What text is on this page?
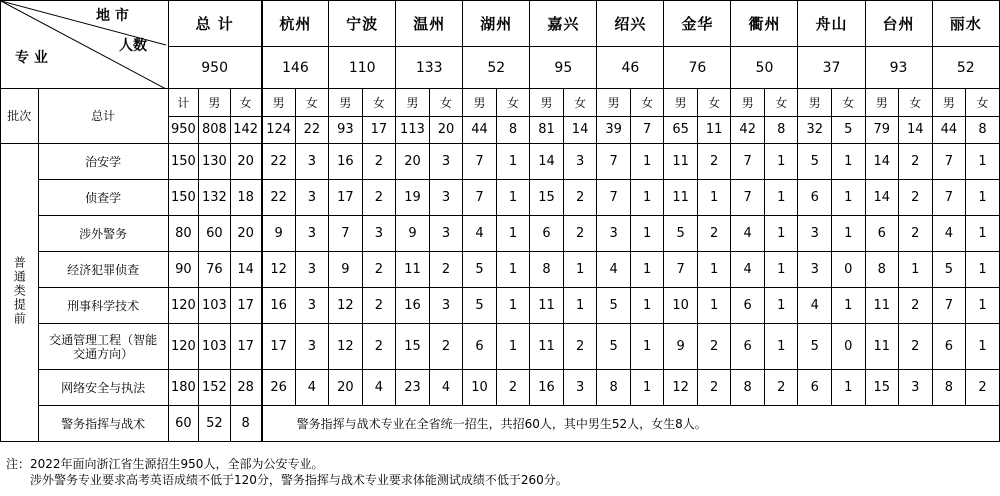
地 市
人数
专 业		总 计			杭州		宁波		温州		湖州		嘉兴		绍兴		金华		衢州		舟山		台州		丽水	
		950			146		110		133		52		95		46		76		50		37		93		52	
批次	总计	计	男	女	男	女	男	女	男	女	男	女	男	女	男	女	男	女	男	女	男	女	男	女	男	女
		950	808	142	124	22	93	17	113	20	44	8	81	14	39	7	65	11	42	8	32	5	79	14	44	8
普通类提前	治安学	150	130	20	22	3	16	2	20	3	7	1	14	3	7	1	11	2	7	1	5	1	14	2	7	1
	侦查学	150	132	18	22	3	17	2	19	3	7	1	15	2	7	1	11	1	7	1	6	1	14	2	7	1
	涉外警务	80	60	20	9	3	7	3	9	3	4	1	6	2	3	1	5	2	4	1	3	1	6	2	4	1
	经济犯罪侦查	90	76	14	12	3	9	2	11	2	5	1	8	1	4	1	7	1	4	1	3	0	8	1	5	1
	刑事科学技术	120	103	17	16	3	12	2	16	3	5	1	11	1	5	1	10	1	6	1	4	1	11	2	7	1
	交通管理工程（智能交通方向）	120	103	17	17	3	12	2	15	2	6	1	11	2	5	1	9	2	6	1	5	0	11	2	6	1
	网络安全与执法	180	152	28	26	4	20	4	23	4	10	2	16	3	8	1	12	2	8	2	6	1	15	3	8	2
	警务指挥与战术	60	52	8	警务指挥与战术专业在全省统一招生，共招60人，其中男生52人，女生8人。																					
注：2022年面向浙江省生源招生950人，全部为公安专业。
　　涉外警务专业要求高考英语成绩不低于120分，警务指挥与战术专业要求体能测试成绩不低于260分。
